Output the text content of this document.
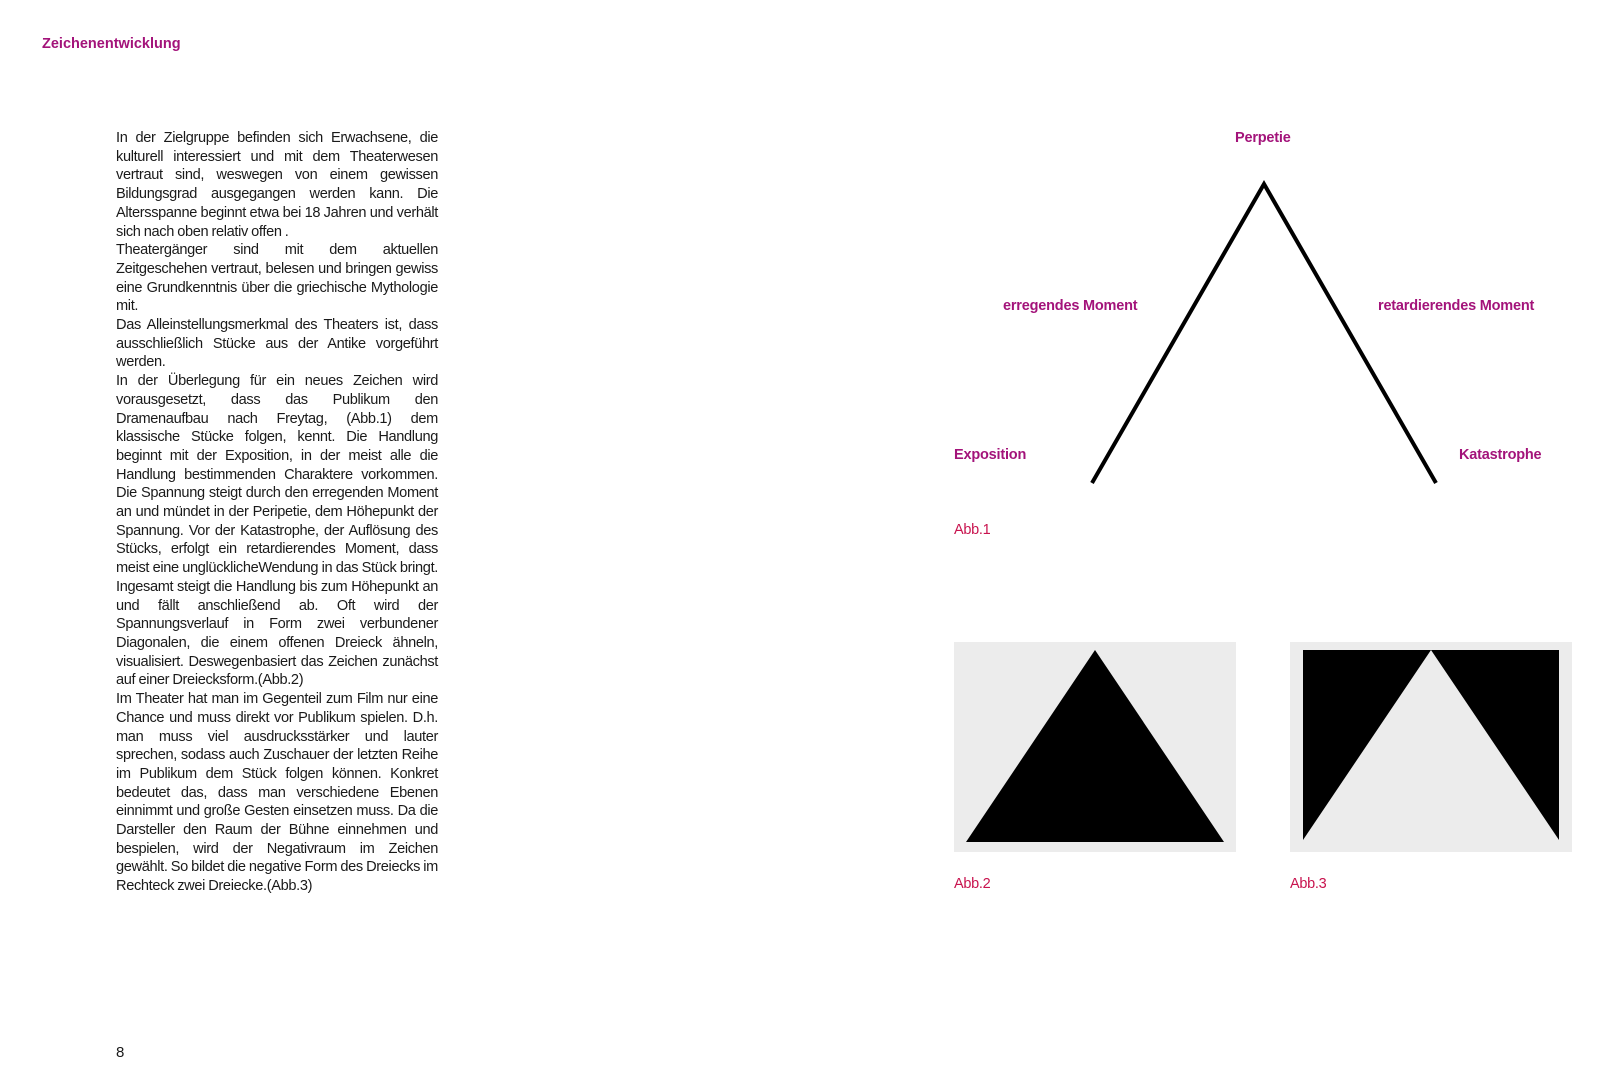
Zeichenentwicklung

In der Zielgruppe befinden sich Erwachsene, die kulturell interessiert und mit dem Theaterwesen vertraut sind, weswegen von einem gewissen Bildungsgrad ausgegangen werden kann. Die Altersspanne beginnt etwa bei 18 Jahren und verhält sich nach oben relativ offen .

Theatergänger sind mit dem aktuellen Zeitgeschehen vertraut, belesen und bringen gewiss eine Grundkenntnis über die griechische Mythologie mit.

Das Alleinstellungsmerkmal des Theaters ist, dass ausschließlich Stücke aus der Antike vorgeführt werden.

In der Überlegung für ein neues Zeichen wird vorausgesetzt, dass das Publikum den Dramenaufbau nach Freytag, (Abb.1) dem klassische Stücke folgen, kennt. Die Handlung beginnt mit der Exposition, in der meist alle die Handlung bestimmenden Charaktere vorkommen. Die Spannung steigt durch den erregenden Moment an und mündet in der Peripetie, dem Höhepunkt der Spannung. Vor der Katastrophe, der Auflösung des Stücks, erfolgt ein retardierendes Moment, dass meist eine unglücklicheWendung in das Stück bringt. Ingesamt steigt die Handlung bis zum Höhepunkt an und fällt anschließend ab. Oft wird der Spannungsverlauf in Form zwei verbundener Diagonalen, die einem offenen Dreieck ähneln, visualisiert. Deswegenbasiert das Zeichen zunächst auf einer Dreiecksform.(Abb.2)

Im Theater hat man im Gegenteil zum Film nur eine Chance und muss direkt vor Publikum spielen. D.h. man muss viel ausdrucksstärker und lauter sprechen, sodass auch Zuschauer der letzten Reihe im Publikum dem Stück folgen können. Konkret bedeutet das, dass man verschiedene Ebenen einnimmt und große Gesten einsetzen muss. Da die Darsteller den Raum der Bühne einnehmen und bespielen, wird der Negativraum im Zeichen gewählt. So bildet die negative Form des Dreiecks im Rechteck zwei Dreiecke.(Abb.3)

8
Perpetie
erregendes Moment	retardierendes Moment
Exposition	Katastrophe
Abb.1
Abb.2	Abb.3
